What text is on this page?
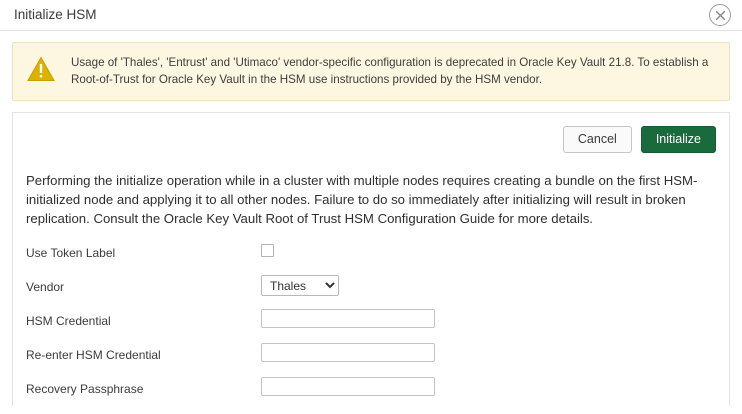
Initialize HSM
Usage of 'Thales', 'Entrust' and 'Utimaco' vendor-specific configuration is deprecated in Oracle Key Vault 21.8. To establish a Root-of-Trust for Oracle Key Vault in the HSM use instructions provided by the HSM vendor.
Cancel	Initialize
Performing the initialize operation while in a cluster with multiple nodes requires creating a bundle on the first HSM-initialized node and applying it to all other nodes. Failure to do so immediately after initializing will result in broken replication. Consult the Oracle Key Vault Root of Trust HSM Configuration Guide for more details.
Use Token Label
Vendor
Thales
HSM Credential
Re-enter HSM Credential
Recovery Passphrase
